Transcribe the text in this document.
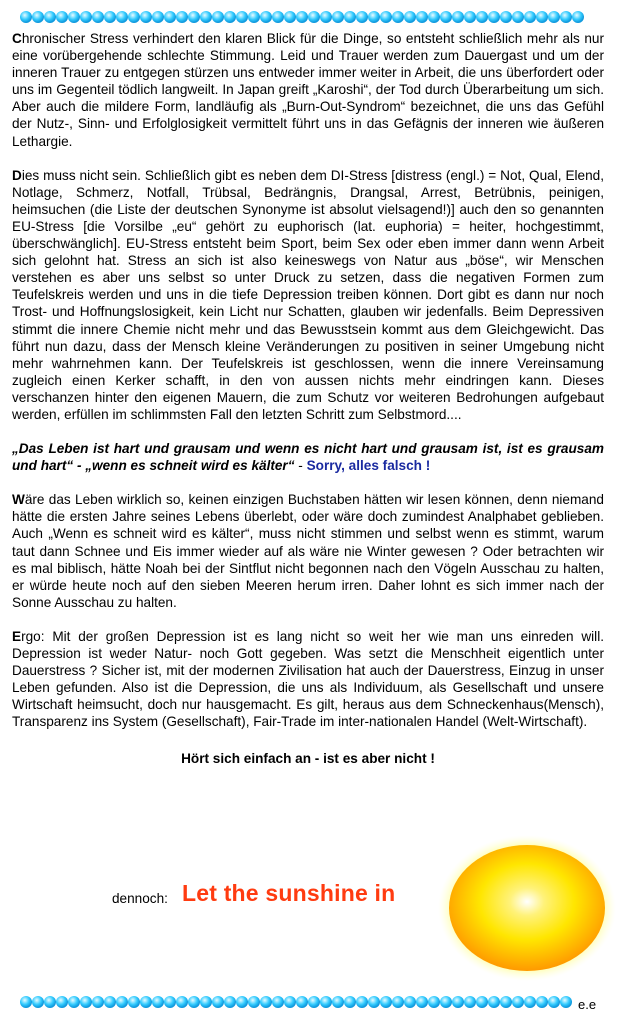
Chronischer Stress verhindert den klaren Blick für die Dinge, so entsteht schließlich mehr als nur eine vorübergehende schlechte Stimmung. Leid und Trauer werden zum Dauergast und um der inneren Trauer zu entgegen stürzen uns entweder immer weiter in Arbeit, die uns überfordert oder uns im Gegenteil tödlich langweilt. In Japan greift „Karoshi“, der Tod durch Überarbeitung um sich. Aber auch die mildere Form, landläufig als „Burn-Out-Syndrom“ bezeichnet, die uns das Gefühl der Nutz-, Sinn- und Erfolglosigkeit vermittelt führt uns in das Gefägnis der inneren wie äußeren Lethargie.

Dies muss nicht sein. Schließlich gibt es neben dem DI-Stress [distress (engl.) = Not, Qual, Elend, Notlage, Schmerz, Notfall, Trübsal, Bedrängnis, Drangsal, Arrest, Betrübnis, peinigen, heimsuchen (die Liste der deutschen Synonyme ist absolut vielsagend!)] auch den so genannten EU-Stress [die Vorsilbe „eu“ gehört zu euphorisch (lat. euphoria) = heiter, hochgestimmt, überschwänglich]. EU-Stress entsteht beim Sport, beim Sex oder eben immer dann wenn Arbeit sich gelohnt hat. Stress an sich ist also keineswegs von Natur aus „böse“, wir Menschen verstehen es aber uns selbst so unter Druck zu setzen, dass die negativen Formen zum Teufelskreis werden und uns in die tiefe Depression treiben können. Dort gibt es dann nur noch Trost- und Hoffnungslosigkeit, kein Licht nur Schatten, glauben wir jedenfalls. Beim Depressiven stimmt die innere Chemie nicht mehr und das Bewusstsein kommt aus dem Gleichgewicht. Das führt nun dazu, dass der Mensch kleine Veränderungen zu positiven in seiner Umgebung nicht mehr wahrnehmen kann. Der Teufelskreis ist geschlossen, wenn die innere Vereinsamung zugleich einen Kerker schafft, in den von aussen nichts mehr eindringen kann. Dieses verschanzen hinter den eigenen Mauern, die zum Schutz vor weiteren Bedrohungen aufgebaut werden, erfüllen im schlimmsten Fall den letzten Schritt zum Selbstmord....

„Das Leben ist hart und grausam und wenn es nicht hart und grausam ist, ist es grausam und hart“ - „wenn es schneit wird es kälter“ - Sorry, alles falsch !

Wäre das Leben wirklich so, keinen einzigen Buchstaben hätten wir lesen können, denn niemand hätte die ersten Jahre seines Lebens überlebt, oder wäre doch zumindest Analphabet geblieben. Auch „Wenn es schneit wird es kälter“, muss nicht stimmen und selbst wenn es stimmt, warum taut dann Schnee und Eis immer wieder auf als wäre nie Winter gewesen ? Oder betrachten wir es mal biblisch, hätte Noah bei der Sintflut nicht begonnen nach den Vögeln Ausschau zu halten, er würde heute noch auf den sieben Meeren herum irren. Daher lohnt es sich immer nach der Sonne Ausschau zu halten.

Ergo: Mit der großen Depression ist es lang nicht so weit her wie man uns einreden will. Depression ist weder Natur- noch Gott gegeben. Was setzt die Menschheit eigentlich unter Dauerstress ? Sicher ist, mit der modernen Zivilisation hat auch der Dauerstress, Einzug in unser Leben gefunden. Also ist die Depression, die uns als Individuum, als Gesellschaft und unsere Wirtschaft heimsucht, doch nur hausgemacht. Es gilt, heraus aus dem Schneckenhaus(Mensch), Transparenz ins System (Gesellschaft), Fair-Trade im inter-nationalen Handel (Welt-Wirtschaft).

Hört sich einfach an - ist es aber nicht !

dennoch: Let the sunshine in
e.e
